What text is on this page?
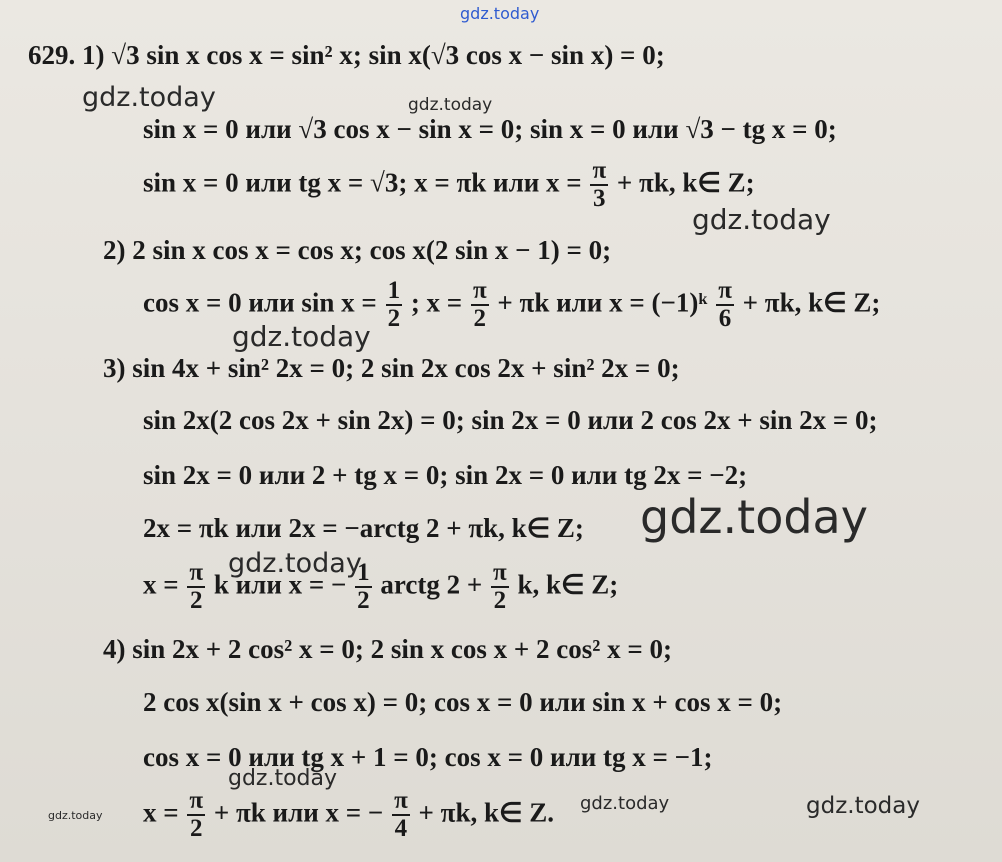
gdz.today
gdz.today	gdz.today
gdz.today
gdz.today
gdz.today
gdz.today
gdz.today
gdz.today
gdz.today	gdz.today
629. 1) √3 sin x cos x = sin² x; sin x(√3 cos x − sin x) = 0;
sin x = 0 или √3 cos x − sin x = 0; sin x = 0 или √3 − tg x = 0;
sin x = 0 или tg x = √3; x = πk или $x = \frac{\pi}{3} + \pi k$, k∈ Z;
2) 2 sin x cos x = cos x; cos x(2 sin x − 1) = 0;
cos x = 0 или $\sin x = \frac{1}{2}$ ; $x = \frac{\pi}{2} + \pi k$ или x = (−1)ᵏ $\frac{\pi}{6} + \pi k$, k∈ Z;
3) sin 4x + sin² 2x = 0; 2 sin 2x cos 2x + sin² 2x = 0;
sin 2x(2 cos 2x + sin 2x) = 0; sin 2x = 0 или 2 cos 2x + sin 2x = 0;
sin 2x = 0 или 2 + tg x = 0; sin 2x = 0 или tg 2x = −2;
2x = πk или 2x = −arctg 2 + πk, k∈ Z;
$x = \frac{\pi}{2}$ k или x = − $\frac{1}{2}$ arctg $2 + \frac{\pi}{2} k$, k∈ Z;
4) sin 2x + 2 cos² x = 0; 2 sin x cos x + 2 cos² x = 0;
2 cos x(sin x + cos x) = 0; cos x = 0 или sin x + cos x = 0;
cos x = 0 или tg x + 1 = 0; cos x = 0 или tg x = −1;
$x = \frac{\pi}{2} + \pi k$ или x = − $\frac{\pi}{4} + \pi k$, k∈ Z.
